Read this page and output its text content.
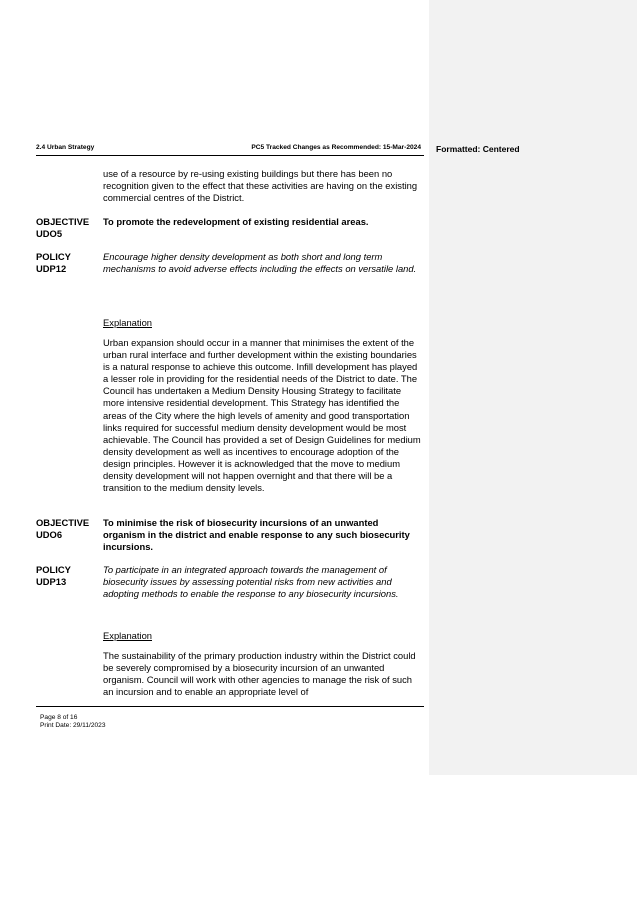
Formatted: Centered
2.4 Urban Strategy	PC5 Tracked Changes as Recommended: 15-Mar-2024
use of a resource by re-using existing buildings but there has been no recognition given to the effect that these activities are having on the existing commercial centres of the District.
OBJECTIVE
UDO5
To promote the redevelopment of existing residential areas.
POLICY
UDP12
Encourage higher density development as both short and long term mechanisms to avoid adverse effects including the effects on versatile land.
Explanation
Urban expansion should occur in a manner that minimises the extent of the urban rural interface and further development within the existing boundaries is a natural response to achieve this outcome. Infill development has played a lesser role in providing for the residential needs of the District to date. The Council has undertaken a Medium Density Housing Strategy to facilitate more intensive residential development. This Strategy has identified the areas of the City where the high levels of amenity and good transportation links required for successful medium density development would be most achievable. The Council has provided a set of Design Guidelines for medium density development as well as incentives to encourage adoption of the design principles. However it is acknowledged that the move to medium density development will not happen overnight and that there will be a transition to the medium density levels.
OBJECTIVE
UDO6
To minimise the risk of biosecurity incursions of an unwanted organism in the district and enable response to any such biosecurity incursions.
POLICY
UDP13
To participate in an integrated approach towards the management of biosecurity issues by assessing potential risks from new activities and adopting methods to enable the response to any biosecurity incursions.
Explanation
The sustainability of the primary production industry within the District could be severely compromised by a biosecurity incursion of an unwanted organism. Council will work with other agencies to manage the risk of such an incursion and to enable an appropriate level of
Page 8 of 16
Print Date: 29/11/2023
